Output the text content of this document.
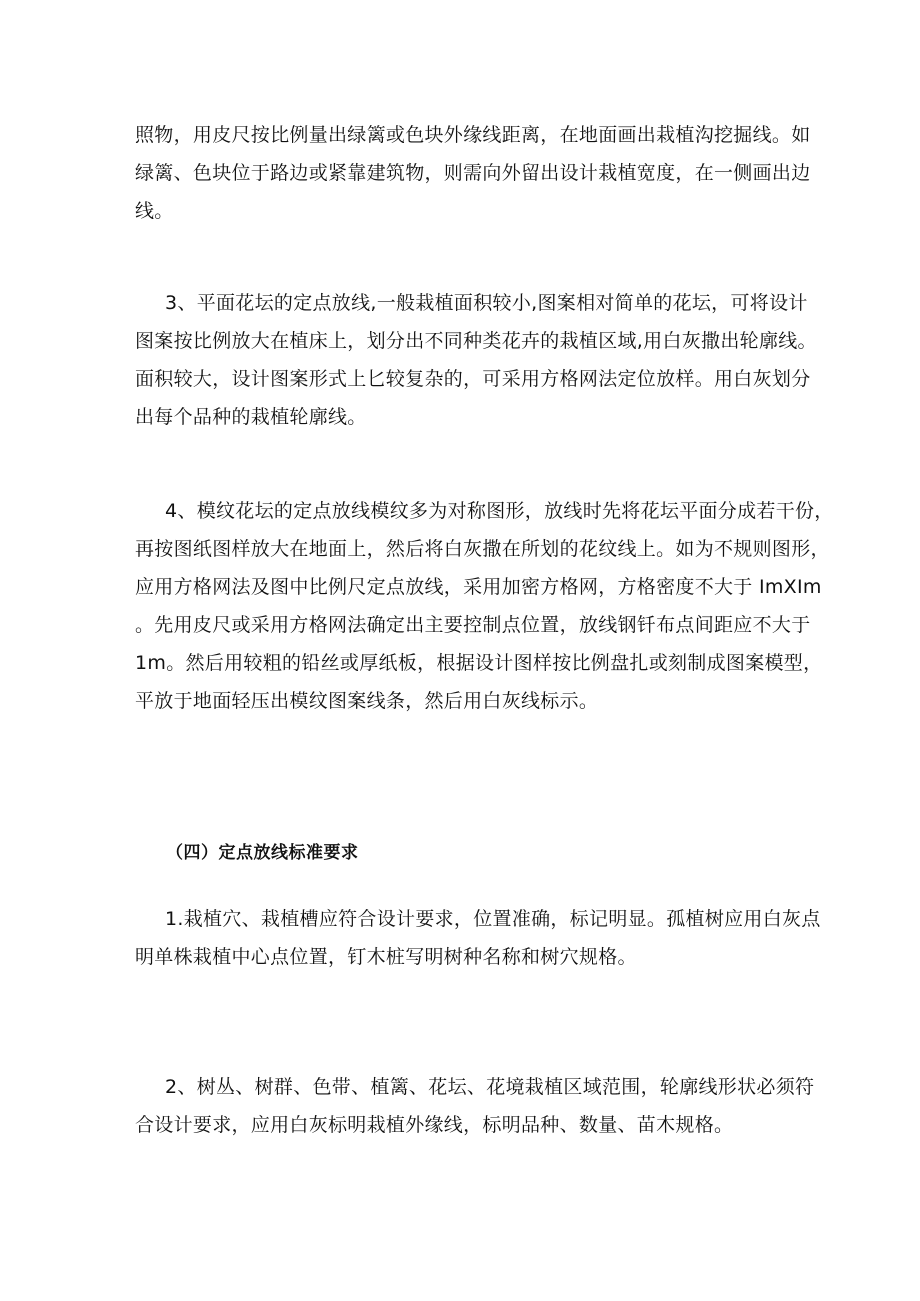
照物，用皮尺按比例量出绿篱或色块外缘线距离，在地面画出栽植沟挖掘线。如
绿篱、色块位于路边或紧靠建筑物，则需向外留出设计栽植宽度，在一侧画出边
线。

3、平面花坛的定点放线,一般栽植面积较小,图案相对简单的花坛，可将设计
图案按比例放大在植床上，划分出不同种类花卉的栽植区域,用白灰撒出轮廓线。
面积较大，设计图案形式上匕较复杂的，可采用方格网法定位放样。用白灰划分
出每个品种的栽植轮廓线。

4、模纹花坛的定点放线模纹多为对称图形，放线时先将花坛平面分成若干份，
再按图纸图样放大在地面上，然后将白灰撒在所划的花纹线上。如为不规则图形，
应用方格网法及图中比例尺定点放线，采用加密方格网，方格密度不大于 ImXIm
。先用皮尺或采用方格网法确定出主要控制点位置，放线钢钎布点间距应不大于
1m。然后用较粗的铅丝或厚纸板，根据设计图样按比例盘扎或刻制成图案模型，
平放于地面轻压出模纹图案线条，然后用白灰线标示。

（四）定点放线标准要求

1.栽植穴、栽植槽应符合设计要求，位置准确，标记明显。孤植树应用白灰点
明单株栽植中心点位置，钉木桩写明树种名称和树穴规格。

2、树丛、树群、色带、植篱、花坛、花境栽植区域范围，轮廓线形状必须符
合设计要求，应用白灰标明栽植外缘线，标明品种、数量、苗木规格。
